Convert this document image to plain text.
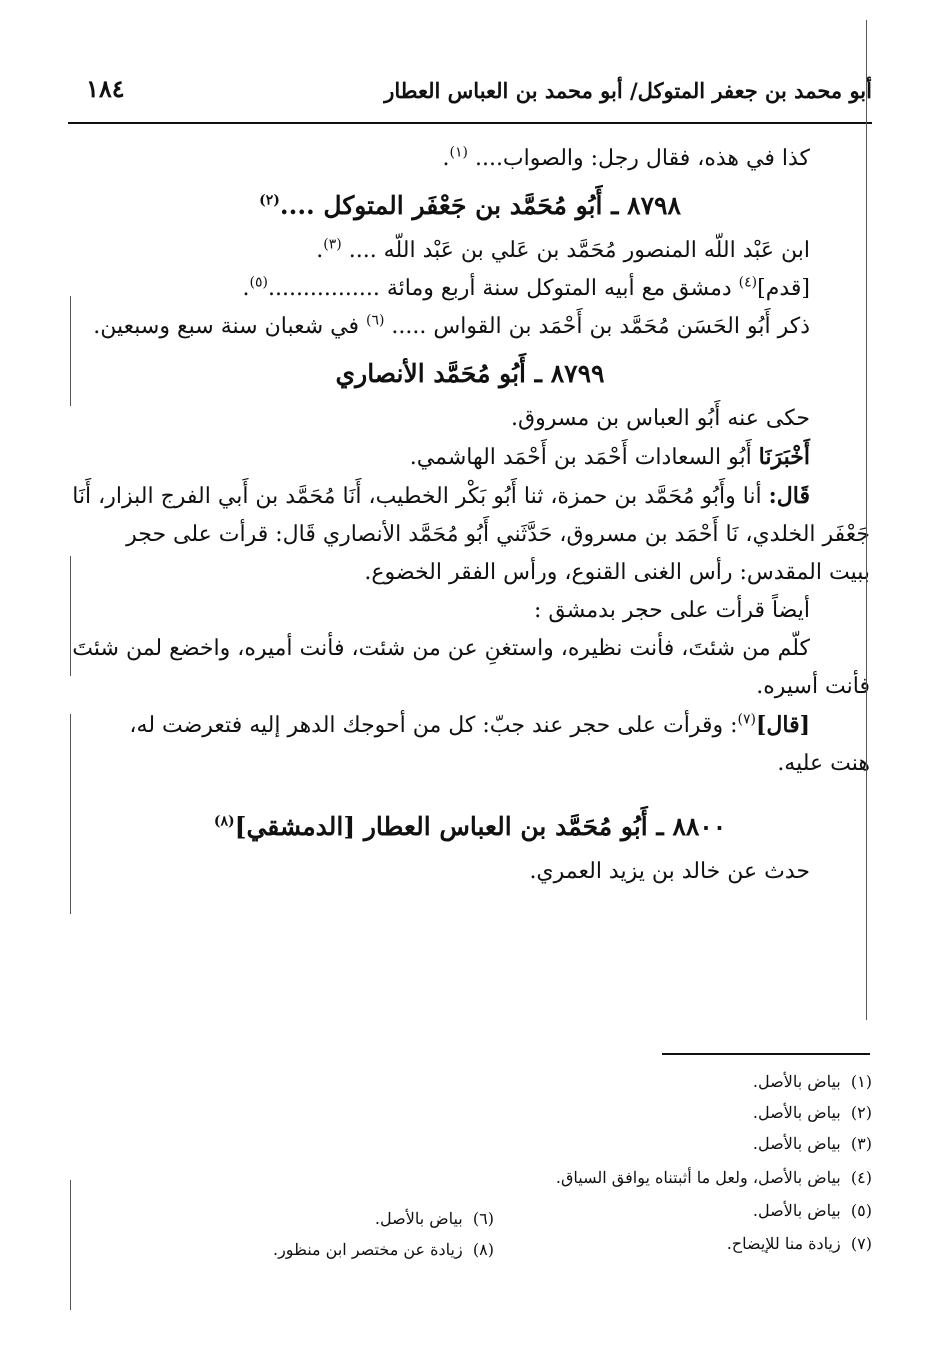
١٨٤	أبو محمد بن جعفر المتوكل/ أبو محمد بن العباس العطار
كذا في هذه، فقال رجل: والصواب.... $^{(١)}$.
٨٧٩٨ ـ أَبُو مُحَمَّد بن جَعْفَر المتوكل ....$^{(٢)}$
ابن عَبْد اللّه المنصور مُحَمَّد بن عَلي بن عَبْد اللّه .... $^{(٣)}$.
[قدم]$^{(٤)}$ دمشق مع أبيه المتوكل سنة أربع ومائة ................$^{(٥)}$.
ذكر أَبُو الحَسَن مُحَمَّد بن أَحْمَد بن القواس ..... $^{(٦)}$ في شعبان سنة سبع وسبعين.
٨٧٩٩ ـ أَبُو مُحَمَّد الأنصاري
حكى عنه أَبُو العباس بن مسروق.
أَخْبَرَنَا أَبُو السعادات أَحْمَد بن أَحْمَد الهاشمي.
قَال: أنا وأَبُو مُحَمَّد بن حمزة، ثنا أَبُو بَكْر الخطيب، أَنَا مُحَمَّد بن أَبي الفرج البزار، أَنَا
جَعْفَر الخلدي، نَا أَحْمَد بن مسروق، حَدَّثَني أَبُو مُحَمَّد الأنصاري قَال: قرأت على حجر
ببيت المقدس: رأس الغنى القنوع، ورأس الفقر الخضوع.
أيضاً قرأت على حجر بدمشق :
كلّم من شئتَ، فأنت نظيره، واستغنِ عن من شئت، فأنت أميره، واخضع لمن شئتَ
فأنت أسيره.
[قال]$^{(٧)}$: وقرأت على حجر عند جبّ: كل من أحوجك الدهر إليه فتعرضت له،
هنت عليه.
٨٨٠٠ ـ أَبُو مُحَمَّد بن العباس العطار [الدمشقي]$^{(٨)}$
حدث عن خالد بن يزيد العمري.
(١)  بياض بالأصل.
(٢)  بياض بالأصل.
(٣)  بياض بالأصل.
(٤)  بياض بالأصل، ولعل ما أثبتناه يوافق السياق.
(٥)  بياض بالأصل.
(٦)  بياض بالأصل.
(٧)  زيادة منا للإيضاح.
(٨)  زيادة عن مختصر ابن منظور.
